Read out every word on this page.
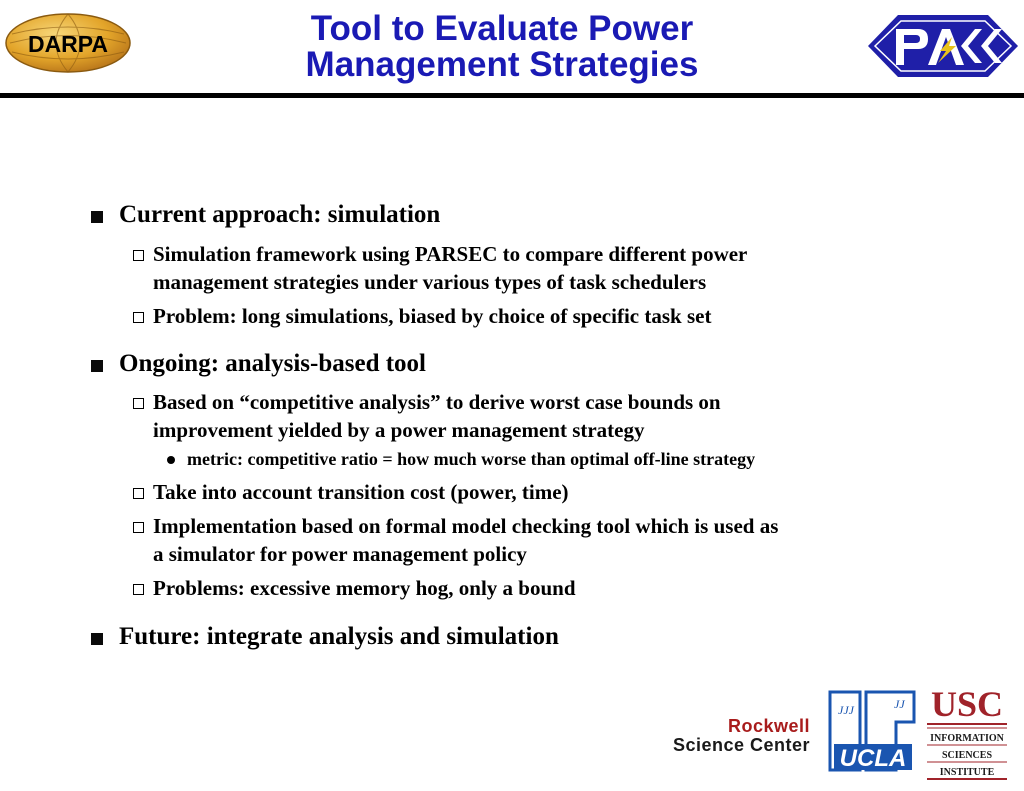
DARPA	Tool to Evaluate Power
Management Strategies	PACC
Current approach: simulation
Simulation framework using PARSEC to compare different power
management strategies under various types of task schedulers
Problem: long simulations, biased by choice of specific task set
Ongoing: analysis-based tool
Based on “competitive analysis” to derive worst case bounds on
improvement yielded by a power management strategy
metric: competitive ratio = how much worse than optimal off-line strategy
Take into account transition cost (power, time)
Implementation based on formal model checking tool which is used as
a simulator for power management policy
Problems: excessive memory hog, only a bound
Future: integrate analysis and simulation
Rockwell
Science Center
JJJ	JJ
UCLA
USC
INFORMATION
SCIENCES
INSTITUTE
